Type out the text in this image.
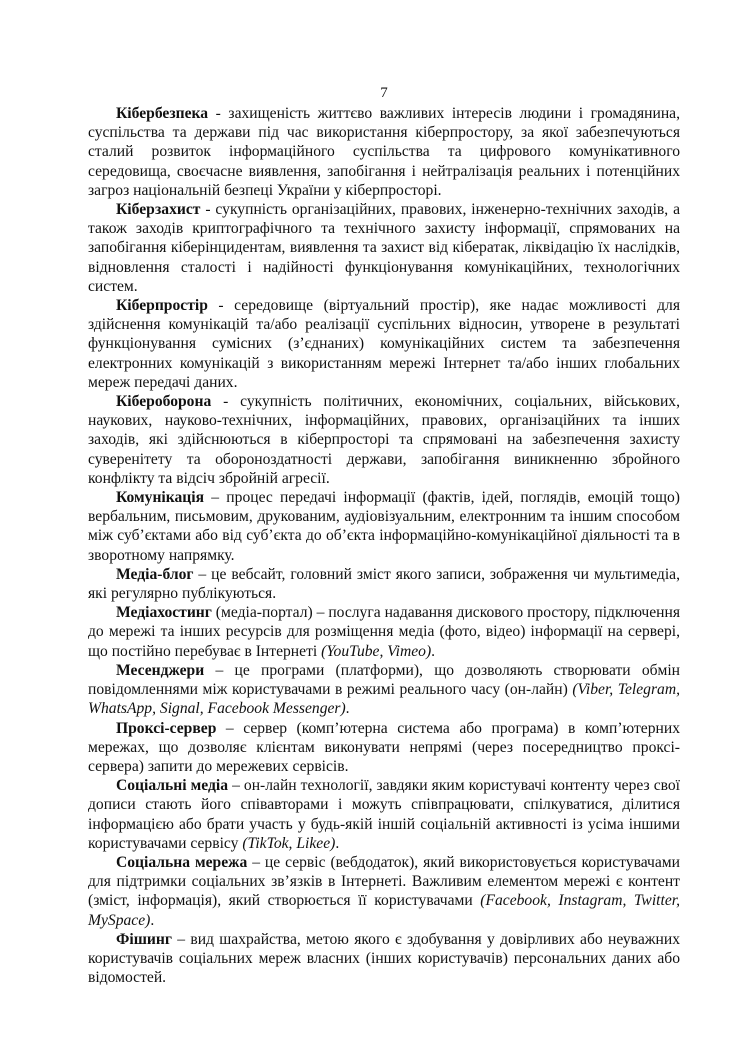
7

Кібербезпека - захищеність життєво важливих інтересів людини і громадянина, суспільства та держави під час використання кіберпростору, за якої забезпечуються сталий розвиток інформаційного суспільства та цифрового комунікативного середовища, своєчасне виявлення, запобігання і нейтралізація реальних і потенційних загроз національній безпеці України у кіберпросторі.

Кіберзахист - сукупність організаційних, правових, інженерно-технічних заходів, а також заходів криптографічного та технічного захисту інформації, спрямованих на запобігання кіберінцидентам, виявлення та захист від кібератак, ліквідацію їх наслідків, відновлення сталості і надійності функціонування комунікаційних, технологічних систем.

Кіберпростір - середовище (віртуальний простір), яке надає можливості для здійснення комунікацій та/або реалізації суспільних відносин, утворене в результаті функціонування сумісних (з’єднаних) комунікаційних систем та забезпечення електронних комунікацій з використанням мережі Інтернет та/або інших глобальних мереж передачі даних.

Кібероборона - сукупність політичних, економічних, соціальних, військових, наукових, науково-технічних, інформаційних, правових, організаційних та інших заходів, які здійснюються в кіберпросторі та спрямовані на забезпечення захисту суверенітету та обороноздатності держави, запобігання виникненню збройного конфлікту та відсіч збройній агресії.

Комунікація – процес передачі інформації (фактів, ідей, поглядів, емоцій тощо) вербальним, письмовим, друкованим, аудіовізуальним, електронним та іншим способом між суб’єктами або від суб’єкта до об’єкта інформаційно-комунікаційної діяльності та в зворотному напрямку.

Медіа-блог – це вебсайт, головний зміст якого записи, зображення чи мультимедіа, які регулярно публікуються.

Медіахостинг (медіа-портал) – послуга надавання дискового простору, підключення до мережі та інших ресурсів для розміщення медіа (фото, відео) інформації на сервері, що постійно перебуває в Інтернеті (YouTube, Vimeo).

Месенджери – це програми (платформи), що дозволяють створювати обмін повідомленнями між користувачами в режимі реального часу (он-лайн) (Viber, Telegram, WhatsApp, Signal, Facebook Messenger).

Проксі-сервер – сервер (комп’ютерна система або програма) в комп’ютерних мережах, що дозволяє клієнтам виконувати непрямі (через посередництво проксі-сервера) запити до мережевих сервісів.

Соціальні медіа – он-лайн технології, завдяки яким користувачі контенту через свої дописи стають його співавторами і можуть співпрацювати, спілкуватися, ділитися інформацією або брати участь у будь-якій іншій соціальній активності із усіма іншими користувачами сервісу (TikTok, Likee).

Соціальна мережа – це сервіс (вебдодаток), який використовується користувачами для підтримки соціальних зв’язків в Інтернеті. Важливим елементом мережі є контент (зміст, інформація), який створюється її користувачами (Facebook, Instagram, Twitter, MySpace).

Фішинг – вид шахрайства, метою якого є здобування у довірливих або неуважних користувачів соціальних мереж власних (інших користувачів) персональних даних або відомостей.
